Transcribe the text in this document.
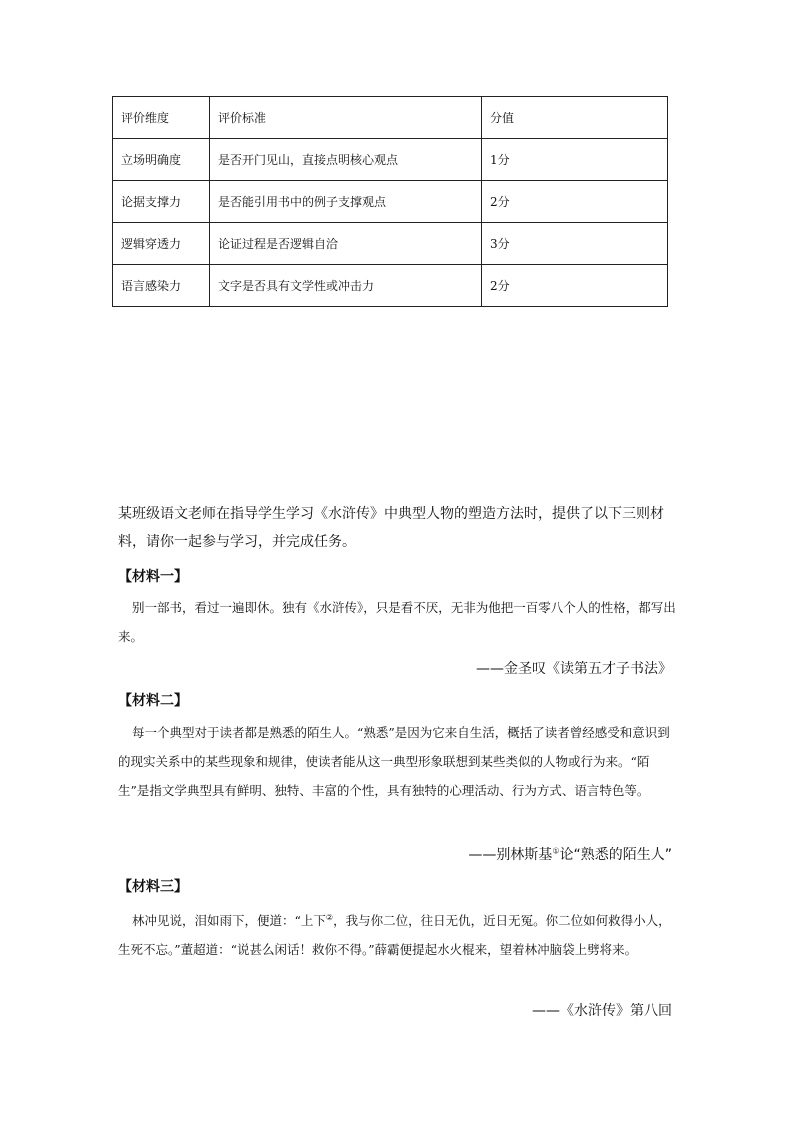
评价维度	评价标准	分值
立场明确度	是否开门见山，直接点明核心观点	1分
论据支撑力	是否能引用书中的例子支撑观点	2分
逻辑穿透力	论证过程是否逻辑自洽	3分
语言感染力	文字是否具有文学性或冲击力	2分
某班级语文老师在指导学生学习《水浒传》中典型人物的塑造方法时，提供了以下三则材料，请你一起参与学习，并完成任务。
【材料一】
别一部书，看过一遍即休。独有《水浒传》，只是看不厌，无非为他把一百零八个人的性格，都写出来。
——金圣叹《读第五才子书法》
【材料二】
每一个典型对于读者都是熟悉的陌生人。“熟悉”是因为它来自生活，概括了读者曾经感受和意识到的现实关系中的某些现象和规律，使读者能从这一典型形象联想到某些类似的人物或行为来。“陌生”是指文学典型具有鲜明、独特、丰富的个性，具有独特的心理活动、行为方式、语言特色等。
——别林斯基①论“熟悉的陌生人”
【材料三】
林冲见说，泪如雨下，便道：“上下②，我与你二位，往日无仇，近日无冤。你二位如何救得小人，生死不忘。”董超道：“说甚么闲话！救你不得。”薛霸便提起水火棍来，望着林冲脑袋上劈将来。
——《水浒传》第八回
